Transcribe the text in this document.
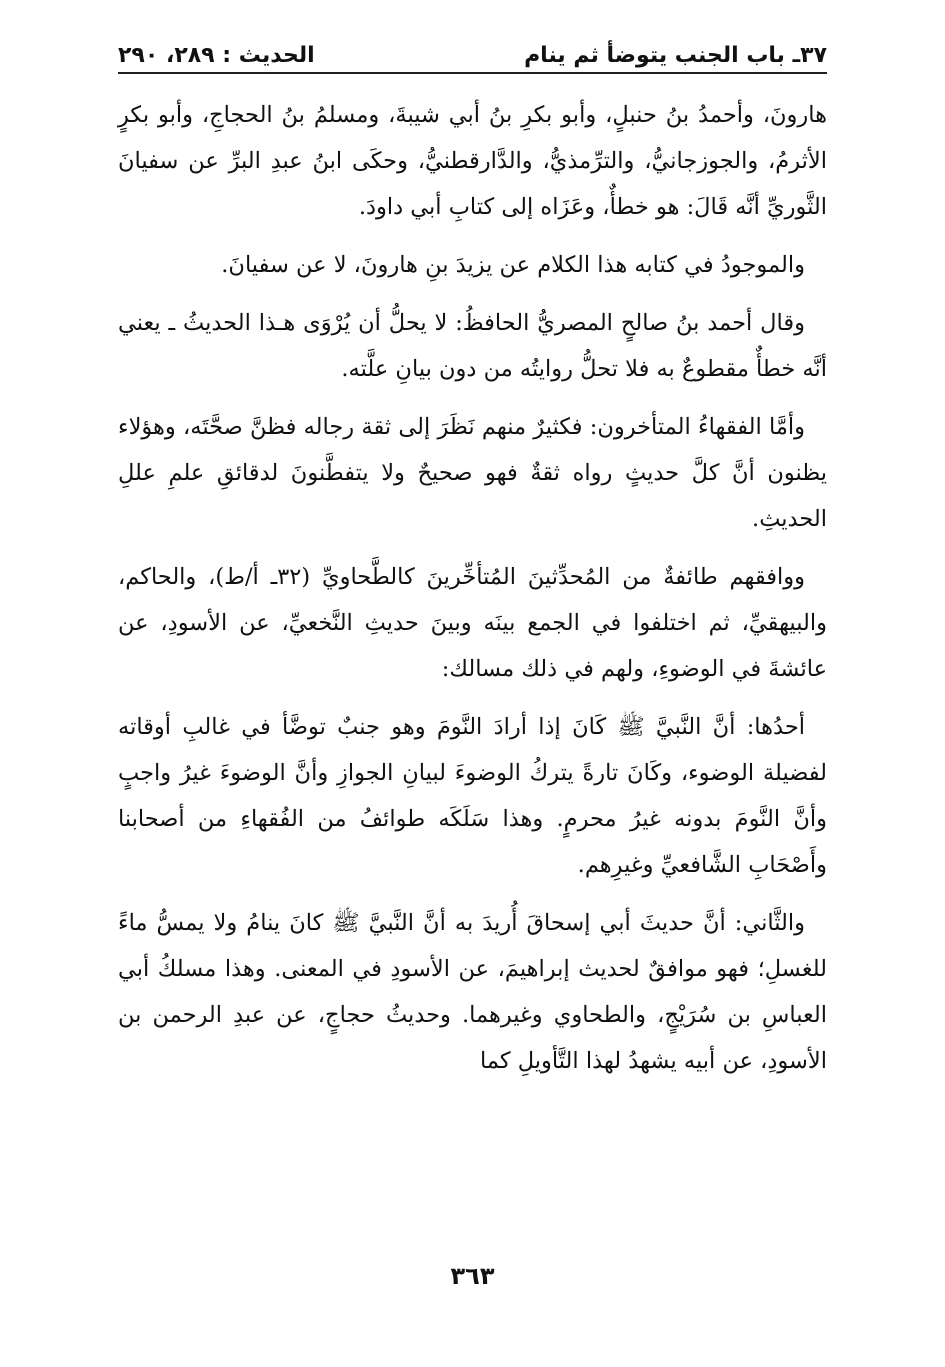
٣٧ـ باب الجنب يتوضأ ثم ينام
الحديث : ٢٨٩، ٢٩٠

هارونَ، وأحمدُ بنُ حنبلٍ، وأبو بكرِ بنُ أبي شيبةَ، ومسلمُ بنُ الحجاجِ، وأبو بكرٍ الأثرمُ، والجوزجانيُّ، والترِّمذيُّ، والدَّارقطنيُّ، وحكَى ابنُ عبدِ البرِّ عن سفيانَ الثَّوريِّ أنَّه قَالَ: هو خطأٌ، وعَزَاه إلى كتابِ أبي داودَ.

والموجودُ في كتابه هذا الكلام عن يزيدَ بنِ هارونَ، لا عن سفيانَ.

وقال أحمد بنُ صالحٍ المصريُّ الحافظُ: لا يحلُّ أن يُرْوَى هـذا الحديثُ ـ يعني أنَّه خطأٌ مقطوعٌ به فلا تحلُّ روايتُه من دون بيانِ علَّته.

وأمَّا الفقهاءُ المتأخرون: فكثيرٌ منهم نَظَرَ إلى ثقة رجاله فظنَّ صحَّتَه، وهؤلاء يظنون أنَّ كلَّ حديثٍ رواه ثقةٌ فهو صحيحٌ ولا يتفطَّنونَ لدقائقِ علمِ عللِ الحديثِ.

ووافقهم طائفةٌ من المُحدِّثينَ المُتأخِّرينَ كالطَّحاويِّ (٣٢ـ أ/ط)، والحاكم، والبيهقيِّ، ثم اختلفوا في الجمع بينَه وبينَ حديثِ النَّخعيِّ، عن الأسودِ، عن عائشةَ في الوضوءِ، ولهم في ذلك مسالك:

أحدُها: أنَّ النَّبيَّ ﷺ كَانَ إذا أرادَ النَّومَ وهو جنبٌ توضَّأ في غالبِ أوقاته لفضيلة الوضوء، وكَانَ تارةً يتركُ الوضوءَ لبيانِ الجوازِ وأنَّ الوضوءَ غيرُ واجبٍ وأنَّ النَّومَ بدونه غيرُ محرمٍ. وهذا سَلَكَه طوائفُ من الفُقهاءِ من أصحابنا وأَصْحَابِ الشَّافعيِّ وغيرِهم.

والثَّاني: أنَّ حديثَ أبي إسحاقَ أُريدَ به أنَّ النَّبيَّ ﷺ كانَ ينامُ ولا يمسُّ ماءً للغسلِ؛ فهو موافقٌ لحديث إبراهيمَ، عن الأسودِ في المعنى. وهذا مسلكُ أبي العباسِ بن سُرَيْجٍ، والطحاوي وغيرهما. وحديثُ حجاجٍ، عن عبدِ الرحمن بن الأسودِ، عن أبيه يشهدُ لهذا التَّأويلِ كما

٣٦٣
